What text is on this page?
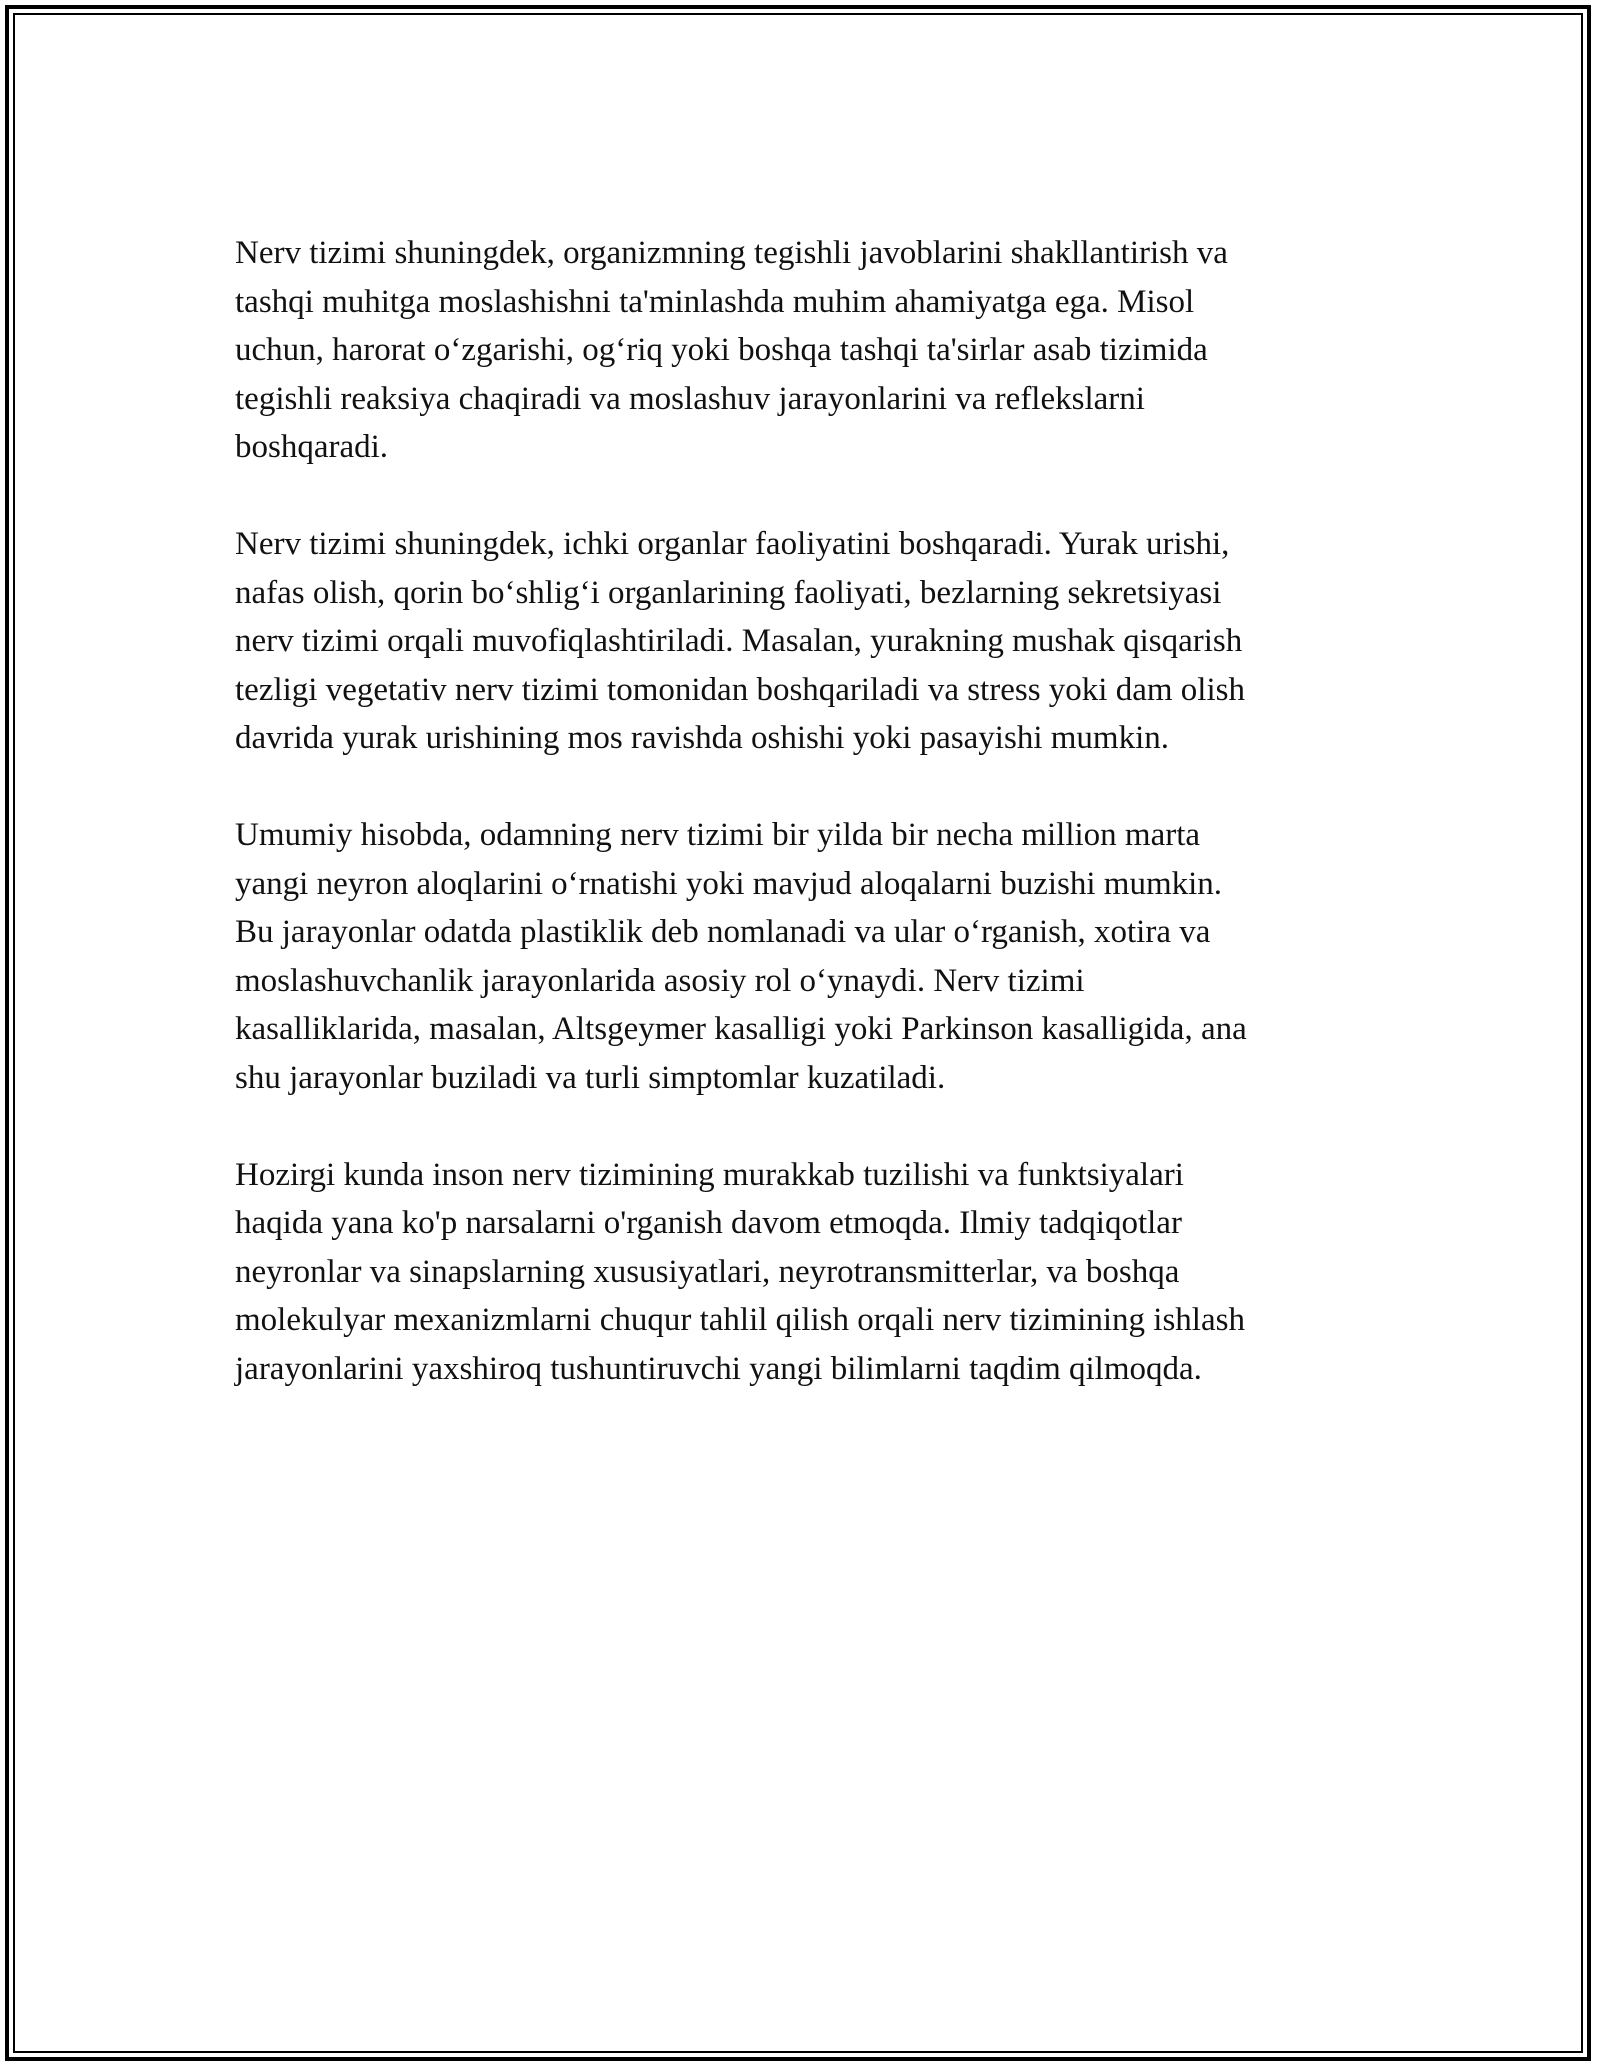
Nerv tizimi shuningdek, organizmning tegishli javoblarini shakllantirish va
tashqi muhitga moslashishni ta'minlashda muhim ahamiyatga ega. Misol
uchun, harorat o‘zgarishi, og‘riq yoki boshqa tashqi ta'sirlar asab tizimida
tegishli reaksiya chaqiradi va moslashuv jarayonlarini va reflekslarni
boshqaradi.

Nerv tizimi shuningdek, ichki organlar faoliyatini boshqaradi. Yurak urishi,
nafas olish, qorin bo‘shlig‘i organlarining faoliyati, bezlarning sekretsiyasi
nerv tizimi orqali muvofiqlashtiriladi. Masalan, yurakning mushak qisqarish
tezligi vegetativ nerv tizimi tomonidan boshqariladi va stress yoki dam olish
davrida yurak urishining mos ravishda oshishi yoki pasayishi mumkin.

Umumiy hisobda, odamning nerv tizimi bir yilda bir necha million marta
yangi neyron aloqlarini o‘rnatishi yoki mavjud aloqalarni buzishi mumkin.
Bu jarayonlar odatda plastiklik deb nomlanadi va ular o‘rganish, xotira va
moslashuvchanlik jarayonlarida asosiy rol o‘ynaydi. Nerv tizimi
kasalliklarida, masalan, Altsgeymer kasalligi yoki Parkinson kasalligida, ana
shu jarayonlar buziladi va turli simptomlar kuzatiladi.

Hozirgi kunda inson nerv tizimining murakkab tuzilishi va funktsiyalari
haqida yana ko'p narsalarni o'rganish davom etmoqda. Ilmiy tadqiqotlar
neyronlar va sinapslarning xususiyatlari, neyrotransmitterlar, va boshqa
molekulyar mexanizmlarni chuqur tahlil qilish orqali nerv tizimining ishlash
jarayonlarini yaxshiroq tushuntiruvchi yangi bilimlarni taqdim qilmoqda.
